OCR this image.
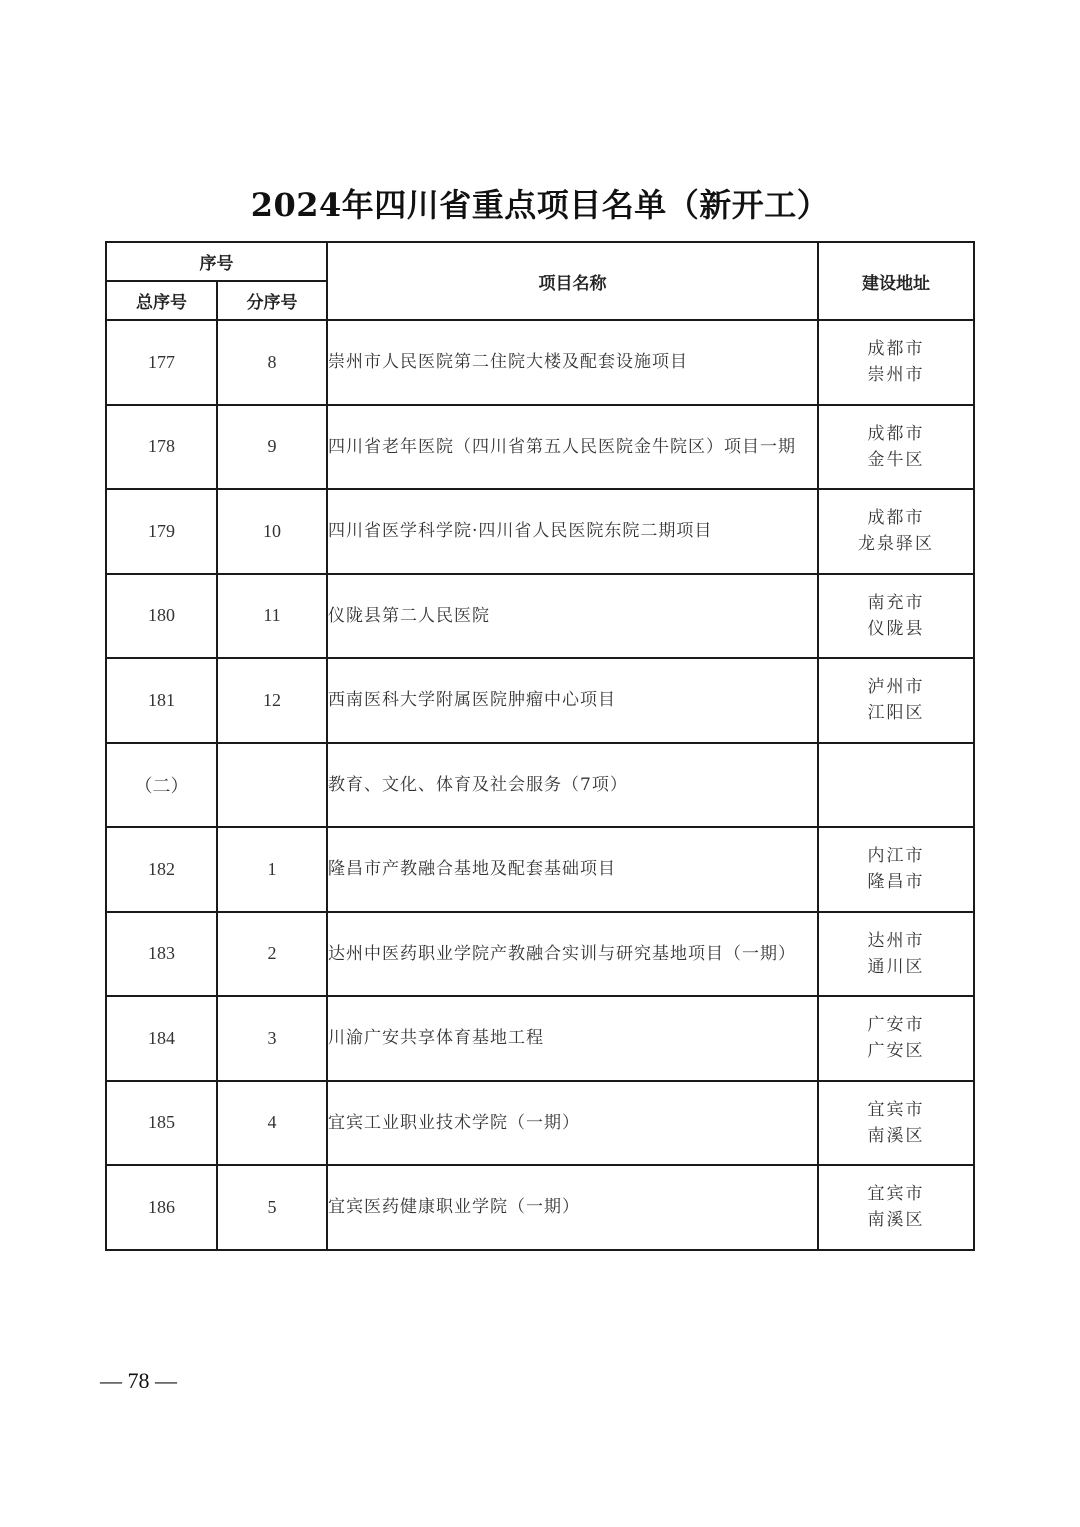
2024年四川省重点项目名单（新开工）
序号		项目名称	建设地址
总序号	分序号		
177	8	崇州市人民医院第二住院大楼及配套设施项目	成都市
崇州市

178	9	四川省老年医院（四川省第五人民医院金牛院区）项目一期	成都市
金牛区

179	10	四川省医学科学院·四川省人民医院东院二期项目	成都市
龙泉驿区

180	11	仪陇县第二人民医院	南充市
仪陇县

181	12	西南医科大学附属医院肿瘤中心项目	泸州市
江阳区

（二）		教育、文化、体育及社会服务（7项）	

182	1	隆昌市产教融合基地及配套基础项目	内江市
隆昌市

183	2	达州中医药职业学院产教融合实训与研究基地项目（一期）	达州市
通川区

184	3	川渝广安共享体育基地工程	广安市
广安区

185	4	宜宾工业职业技术学院（一期）	宜宾市
南溪区

186	5	宜宾医药健康职业学院（一期）	宜宾市
南溪区
— 78 —
